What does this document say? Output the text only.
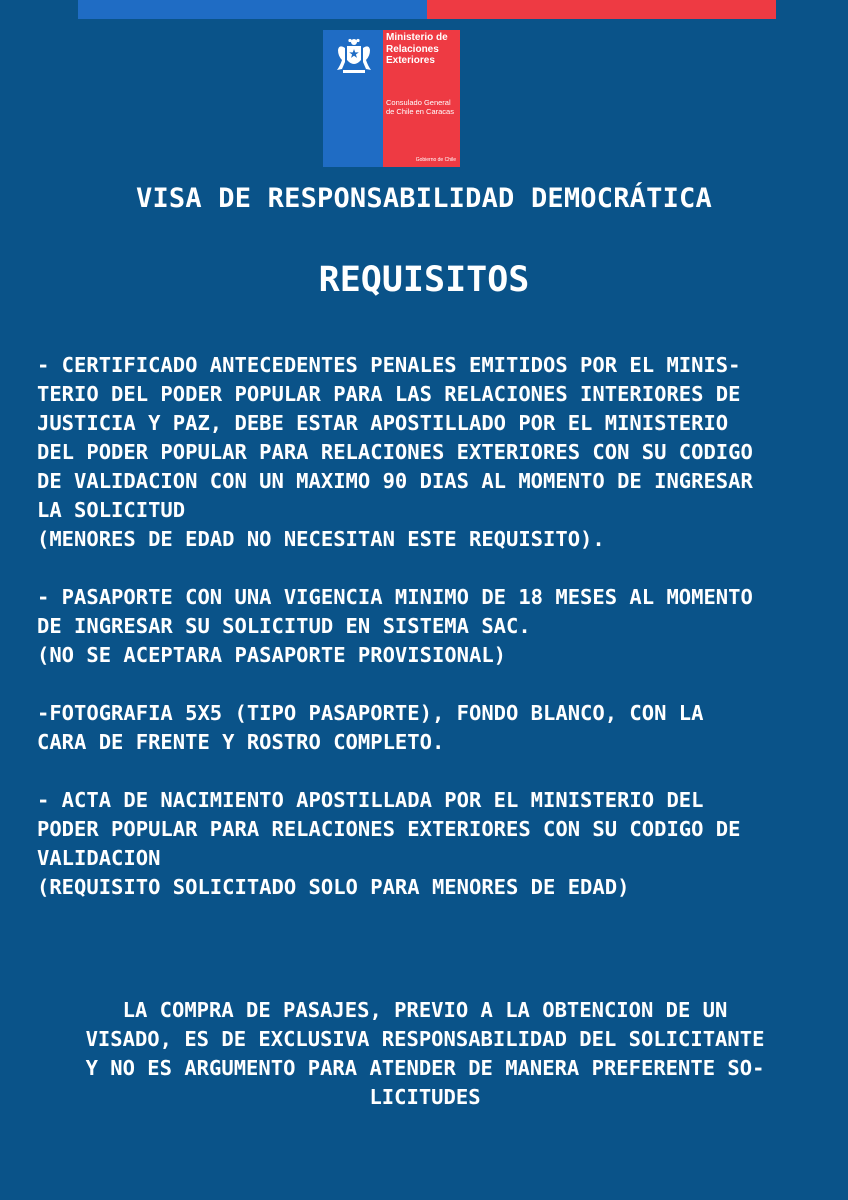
Ministerio de
Relaciones
Exteriores
Consulado General
de Chile en Caracas
Gobierno de Chile
VISA DE RESPONSABILIDAD DEMOCRÁTICA
REQUISITOS

- CERTIFICADO ANTECEDENTES PENALES EMITIDOS POR EL MINIS-
TERIO DEL PODER POPULAR PARA LAS RELACIONES INTERIORES DE
JUSTICIA Y PAZ, DEBE ESTAR APOSTILLADO POR EL MINISTERIO
DEL PODER POPULAR PARA RELACIONES EXTERIORES CON SU CODIGO
DE VALIDACION CON UN MAXIMO 90 DIAS AL MOMENTO DE INGRESAR
LA SOLICITUD
(MENORES DE EDAD NO NECESITAN ESTE REQUISITO).

- PASAPORTE CON UNA VIGENCIA MINIMO DE 18 MESES AL MOMENTO
DE INGRESAR SU SOLICITUD EN SISTEMA SAC.
(NO SE ACEPTARA PASAPORTE PROVISIONAL)

-FOTOGRAFIA 5X5 (TIPO PASAPORTE), FONDO BLANCO, CON LA
CARA DE FRENTE Y ROSTRO COMPLETO.

- ACTA DE NACIMIENTO APOSTILLADA POR EL MINISTERIO DEL
PODER POPULAR PARA RELACIONES EXTERIORES CON SU CODIGO DE
VALIDACION
(REQUISITO SOLICITADO SOLO PARA MENORES DE EDAD)

LA COMPRA DE PASAJES, PREVIO A LA OBTENCION DE UN
VISADO, ES DE EXCLUSIVA RESPONSABILIDAD DEL SOLICITANTE
Y NO ES ARGUMENTO PARA ATENDER DE MANERA PREFERENTE SO-
LICITUDES
